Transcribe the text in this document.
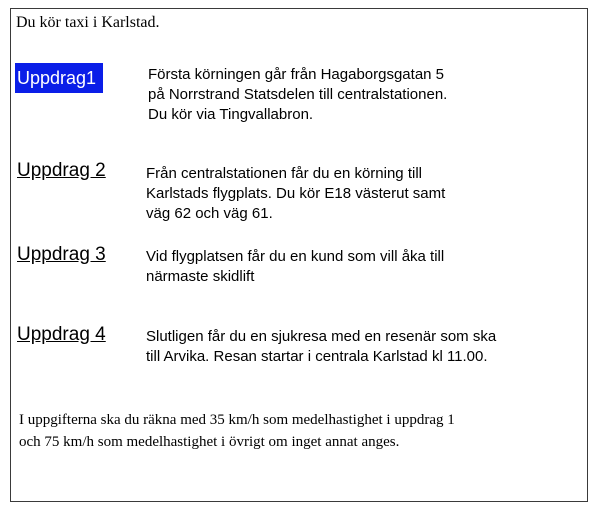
Du kör taxi i Karlstad.
Uppdrag1	Första körningen går från Hagaborgsgatan 5
på Norrstrand Statsdelen till centralstationen.
Du kör via Tingvallabron.
Uppdrag 2	Från centralstationen får du en körning till
Karlstads flygplats. Du kör E18 västerut samt
väg 62 och väg 61.
Uppdrag 3	Vid flygplatsen får du en kund som vill åka till
närmaste skidlift
Uppdrag 4	Slutligen får du en sjukresa med en resenär som ska
till Arvika. Resan startar i centrala Karlstad kl 11.00.
I uppgifterna ska du räkna med 35 km/h som medelhastighet i uppdrag 1
och 75 km/h som medelhastighet i övrigt om inget annat anges.
